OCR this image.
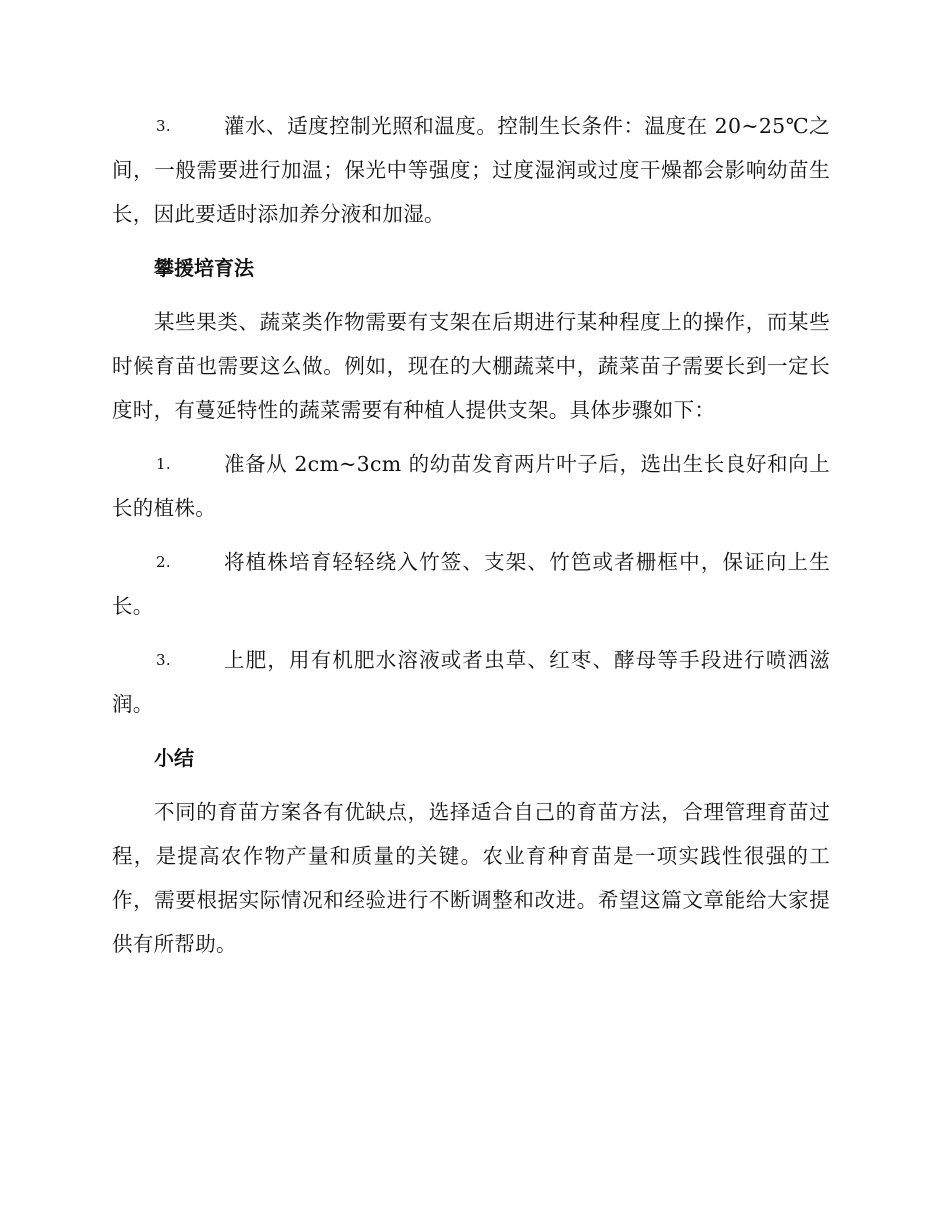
3.	灌水、适度控制光照和温度。控制生长条件：温度在 20~25℃之间，一般需要进行加温；保光中等强度；过度湿润或过度干燥都会影响幼苗生长，因此要适时添加养分液和加湿。
攀援培育法
某些果类、蔬菜类作物需要有支架在后期进行某种程度上的操作，而某些时候育苗也需要这么做。例如，现在的大棚蔬菜中，蔬菜苗子需要长到一定长度时，有蔓延特性的蔬菜需要有种植人提供支架。具体步骤如下：
1.	准备从 2cm~3cm 的幼苗发育两片叶子后，选出生长良好和向上长的植株。
2.	将植株培育轻轻绕入竹签、支架、竹笆或者栅框中，保证向上生长。
3.	上肥，用有机肥水溶液或者虫草、红枣、酵母等手段进行喷洒滋润。
小结
不同的育苗方案各有优缺点，选择适合自己的育苗方法，合理管理育苗过程，是提高农作物产量和质量的关键。农业育种育苗是一项实践性很强的工作，需要根据实际情况和经验进行不断调整和改进。希望这篇文章能给大家提供有所帮助。
